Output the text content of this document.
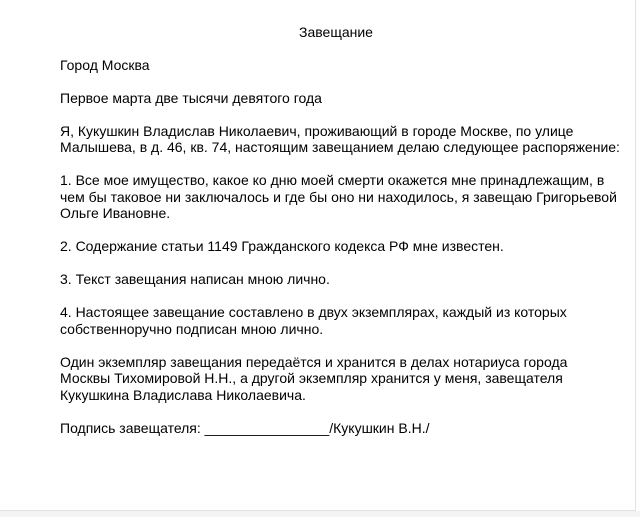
Завещание
Город Москва
Первое марта две тысячи девятого года
Я, Кукушкин Владислав Николаевич, проживающий в городе Москве, по улице Малышева, в д. 46, кв. 74, настоящим завещанием делаю следующее распоряжение:
1. Все мое имущество, какое ко дню моей смерти окажется мне принадлежащим, в чем бы таковое ни заключалось и где бы оно ни находилось, я завещаю Григорьевой Ольге Ивановне.
2. Содержание статьи 1149 Гражданского кодекса РФ мне известен.
3. Текст завещания написан мною лично.
4. Настоящее завещание составлено в двух экземплярах, каждый из которых собственноручно подписан мною лично.
Один экземпляр завещания передаётся и хранится в делах нотариуса города Москвы Тихомировой Н.Н., а другой экземпляр хранится у меня, завещателя Кукушкина Владислава Николаевича.
Подпись завещателя: ________________/Кукушкин В.Н./
